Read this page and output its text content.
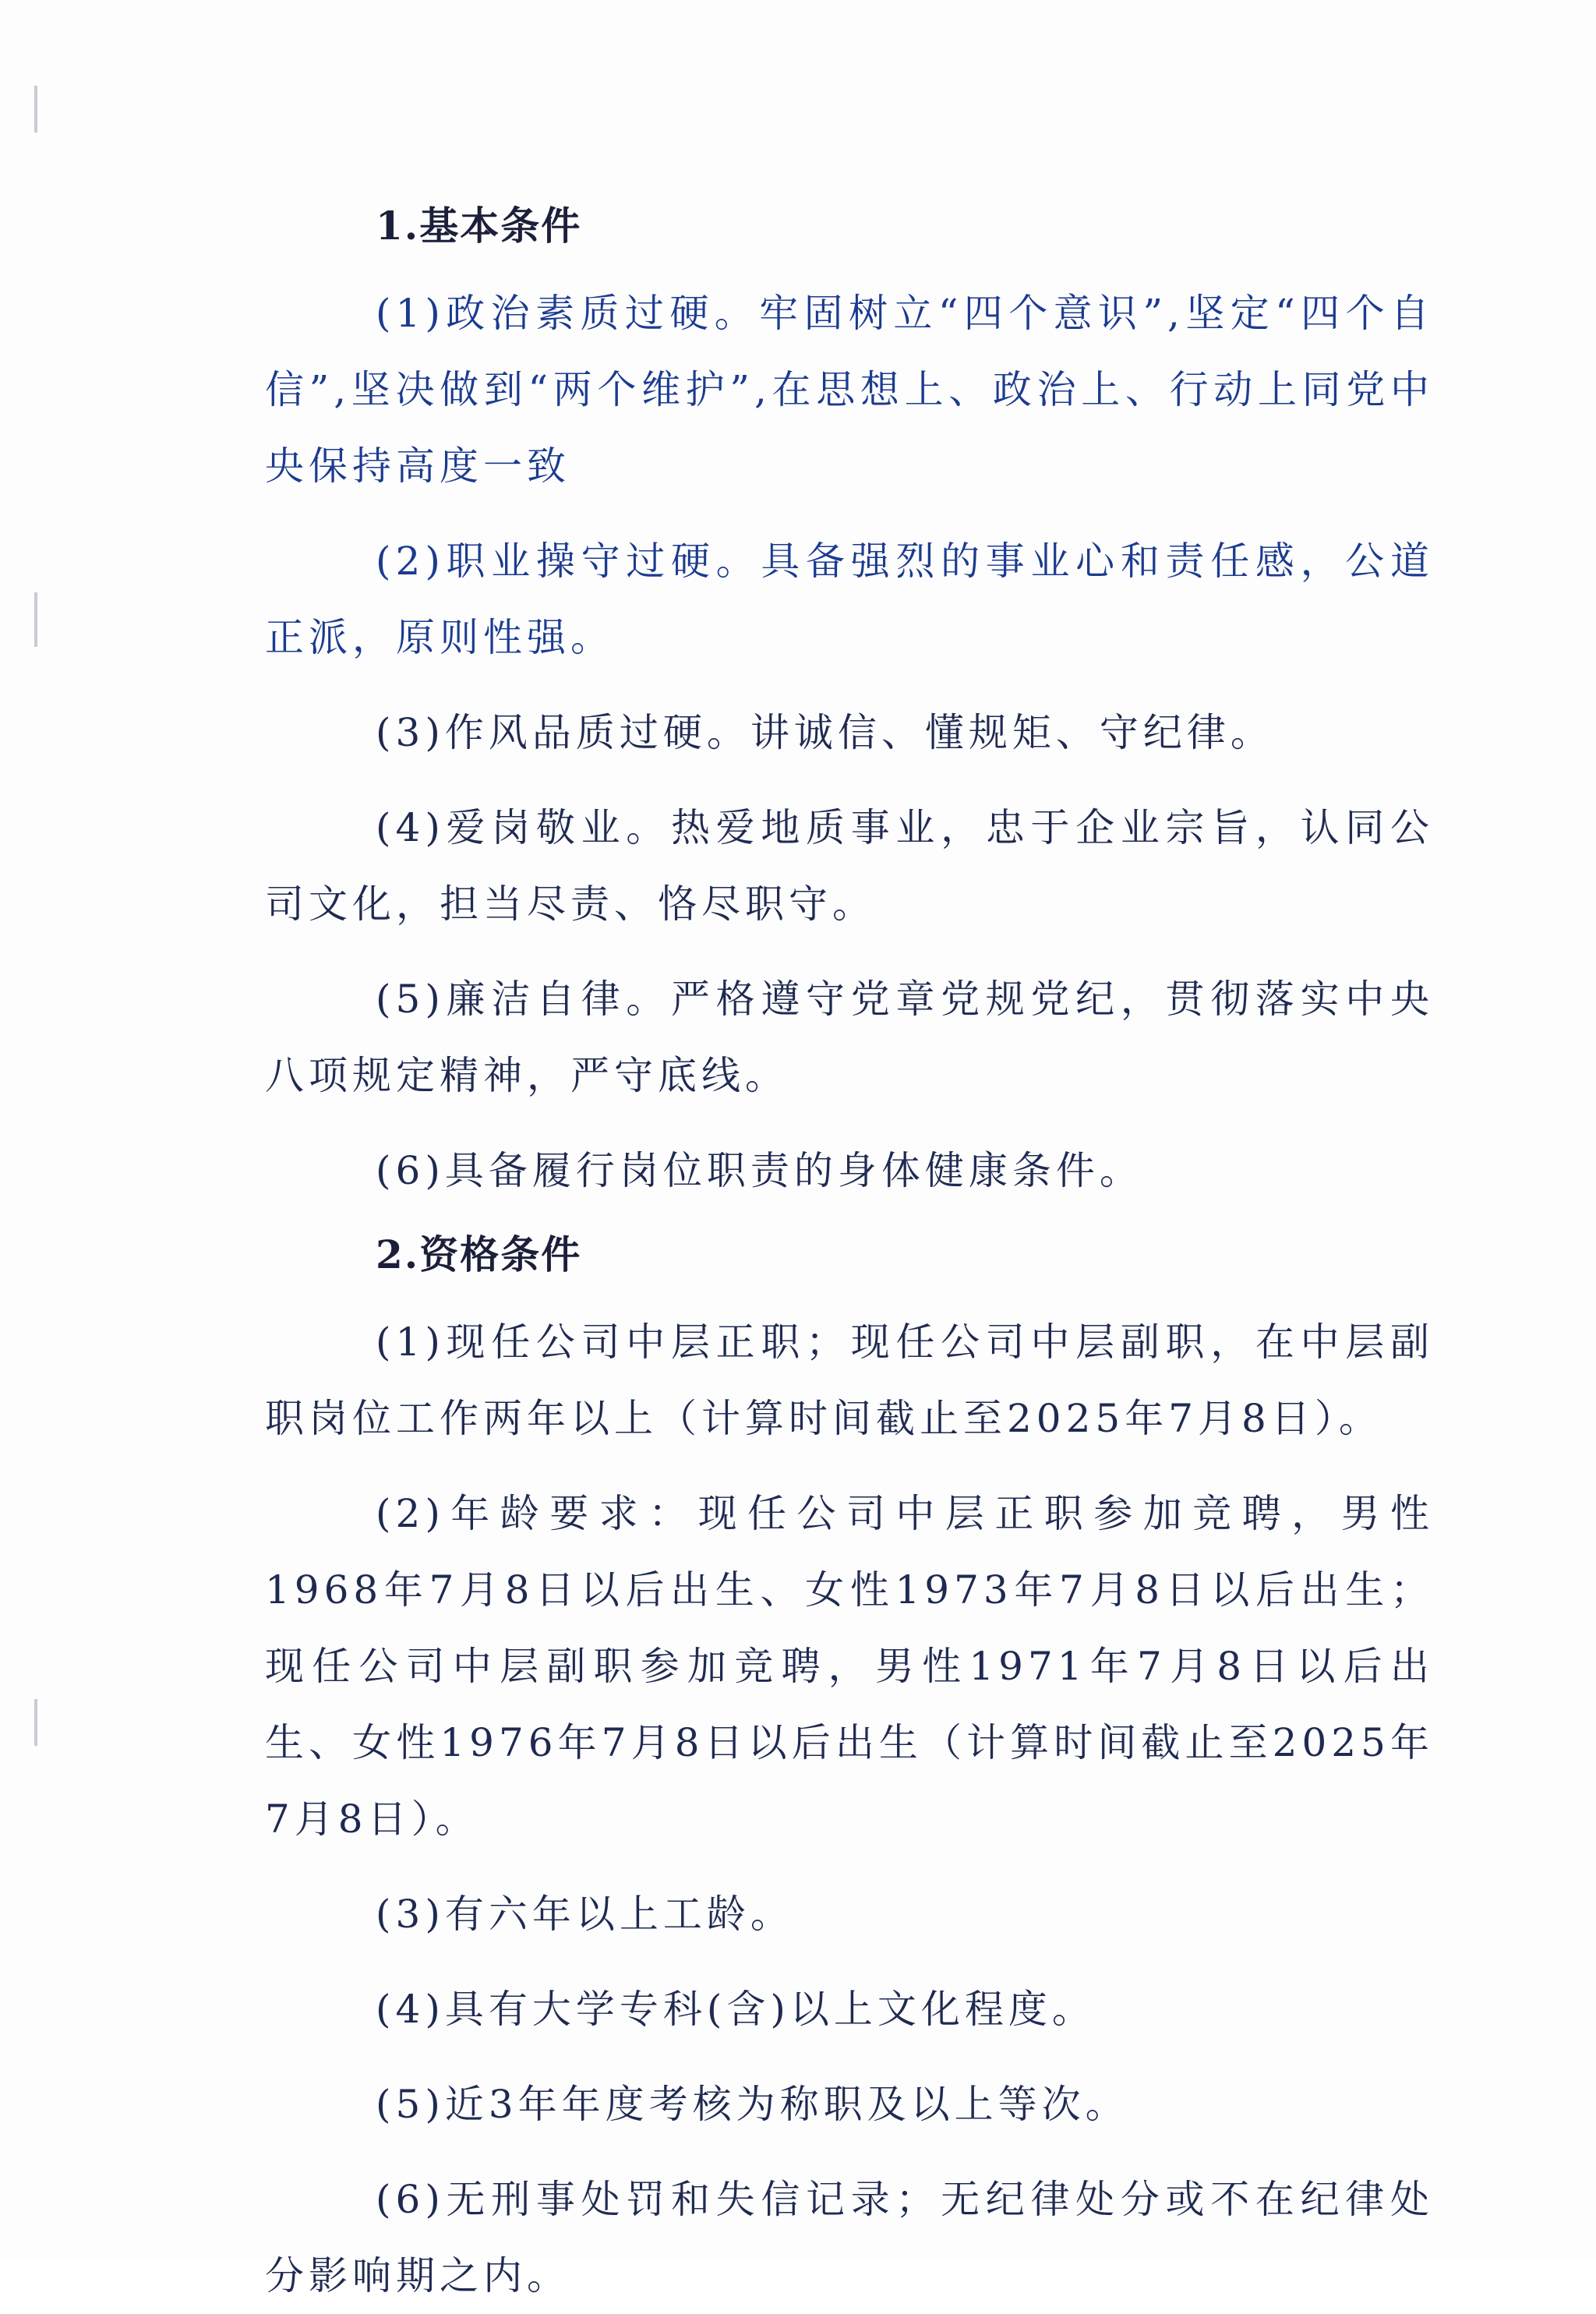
1.基本条件

(1)政治素质过硬。牢固树立“四个意识”,坚定“四个自信”,坚决做到“两个维护”,在思想上、政治上、行动上同党中央保持高度一致

(2)职业操守过硬。具备强烈的事业心和责任感，公道正派，原则性强。

(3)作风品质过硬。讲诚信、懂规矩、守纪律。

(4)爱岗敬业。热爱地质事业，忠于企业宗旨，认同公司文化，担当尽责、恪尽职守。

(5)廉洁自律。严格遵守党章党规党纪，贯彻落实中央八项规定精神，严守底线。

(6)具备履行岗位职责的身体健康条件。

2.资格条件

(1)现任公司中层正职；现任公司中层副职，在中层副职岗位工作两年以上（计算时间截止至2025年7月8日）。

(2)年龄要求：现任公司中层正职参加竞聘，男性1968年7月8日以后出生、女性1973年7月8日以后出生；现任公司中层副职参加竞聘，男性1971年7月8日以后出生、女性1976年7月8日以后出生（计算时间截止至2025年7月8日）。

(3)有六年以上工龄。

(4)具有大学专科(含)以上文化程度。

(5)近3年年度考核为称职及以上等次。

(6)无刑事处罚和失信记录；无纪律处分或不在纪律处分影响期之内。
